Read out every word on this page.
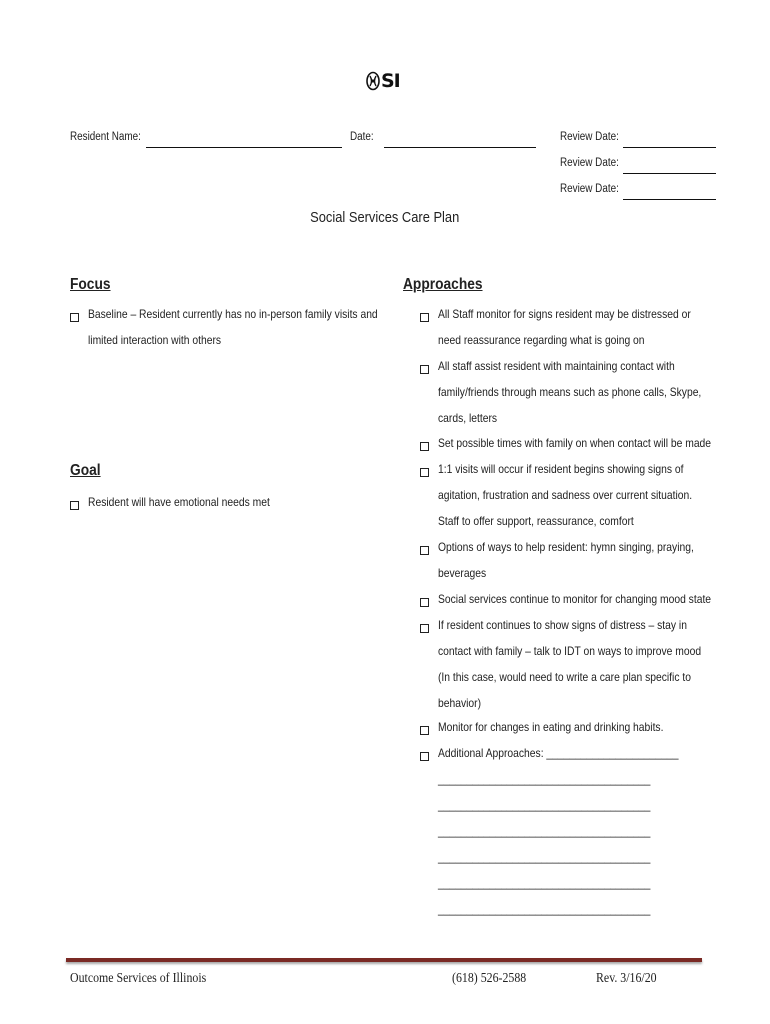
SI
Resident Name:	Date:	Review Date:
Review Date:
Review Date:
Social Services Care Plan
Focus
Baseline – Resident currently has no in-person family visits and
limited interaction with others
Goal
Resident will have emotional needs met
Approaches
All Staff monitor for signs resident may be distressed or
need reassurance regarding what is going on
All staff assist resident with maintaining contact with
family/friends through means such as phone calls, Skype,
cards, letters
Set possible times with family on when contact will be made
1:1 visits will occur if resident begins showing signs of
agitation, frustration and sadness over current situation.
Staff to offer support, reassurance, comfort
Options of ways to help resident: hymn singing, praying,
beverages
Social services continue to monitor for changing mood state
If resident continues to show signs of distress – stay in
contact with family – talk to IDT on ways to improve mood
(In this case, would need to write a care plan specific to
behavior)
Monitor for changes in eating and drinking habits.
Additional Approaches: _______________________
_____________________________________
_____________________________________
_____________________________________
_____________________________________
_____________________________________
_____________________________________
Outcome Services of Illinois	(618) 526-2588	Rev. 3/16/20
